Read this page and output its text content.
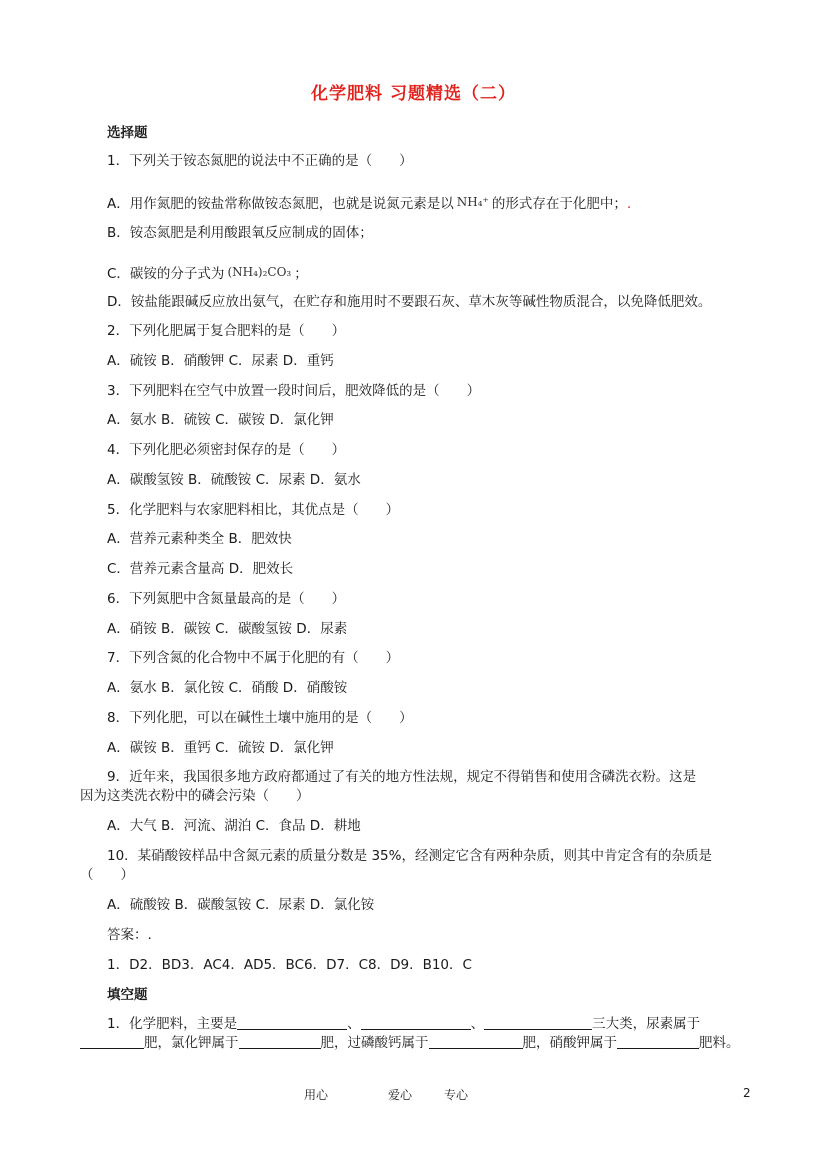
化学肥料 习题精选（二）
选择题
1．下列关于铵态氮肥的说法中不正确的是（　　）
A．用作氮肥的铵盐常称做铵态氮肥，也就是说氮元素是以 NH₄⁺ 的形式存在于化肥中；.
B．铵态氮肥是利用酸跟氧反应制成的固体；
C．碳铵的分子式为 (NH₄)₂CO₃ ；
D．铵盐能跟碱反应放出氨气，在贮存和施用时不要跟石灰、草木灰等碱性物质混合，以免降低肥效。
2．下列化肥属于复合肥料的是（　　）
A．硫铵 B．硝酸钾 C．尿素 D．重钙
3．下列肥料在空气中放置一段时间后，肥效降低的是（　　）
A．氨水 B．硫铵 C．碳铵 D．氯化钾
4．下列化肥必须密封保存的是（　　）
A．碳酸氢铵 B．硫酸铵 C．尿素 D．氨水
5．化学肥料与农家肥料相比，其优点是（　　）
A．营养元素种类全 B．肥效快
C．营养元素含量高 D．肥效长
6．下列氮肥中含氮量最高的是（　　）
A．硝铵 B．碳铵 C．碳酸氢铵 D．尿素
7．下列含氮的化合物中不属于化肥的有（　　）
A．氨水 B．氯化铵 C．硝酸 D．硝酸铵
8．下列化肥，可以在碱性土壤中施用的是（　　）
A．碳铵 B．重钙 C．硫铵 D．氯化钾
9．近年来，我国很多地方政府都通过了有关的地方性法规，规定不得销售和使用含磷洗衣粉。这是
因为这类洗衣粉中的磷会污染（　　）
A．大气 B．河流、湖泊 C．食品 D．耕地
10．某硝酸铵样品中含氮元素的质量分数是 35%，经测定它含有两种杂质，则其中肯定含有的杂质是
（　　）
A．硫酸铵 B．碳酸氢铵 C．尿素 D．氯化铵
答案：.
1．D2．BD3．AC4．AD5．BC6．D7．C8．D9．B10．C
填空题
1．化学肥料，主要是	、	、	三大类，尿素属于
肥，氯化钾属于	肥，过磷酸钙属于	肥，硝酸钾属于	肥料。
用心	爱心	专心	2
